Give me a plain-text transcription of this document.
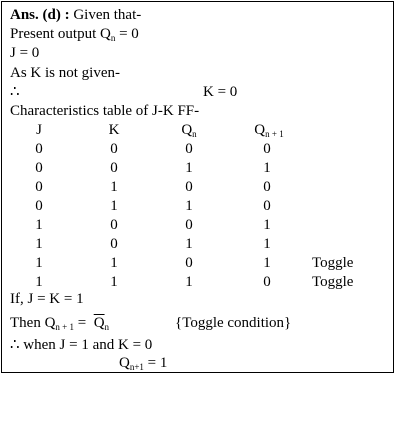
Ans. (d) : Given that-
Present output $Q_n = 0$
J = 0
As K is not given-
∴	K = 0
Characteristics table of J-K FF-
J	K	$Q_n$	$Q_{n + 1}$
0	0	0	0
0	0	1	1
0	1	0	0
0	1	1	0
1	0	0	1
1	0	1	1
1	1	0	1	Toggle
1	1	1	0	Toggle
If, J = K = 1
Then $Q_{n + 1} = \overline{Q}_n$	{Toggle condition}
∴ when J = 1 and K = 0
$Q_{n+1} = 1$
